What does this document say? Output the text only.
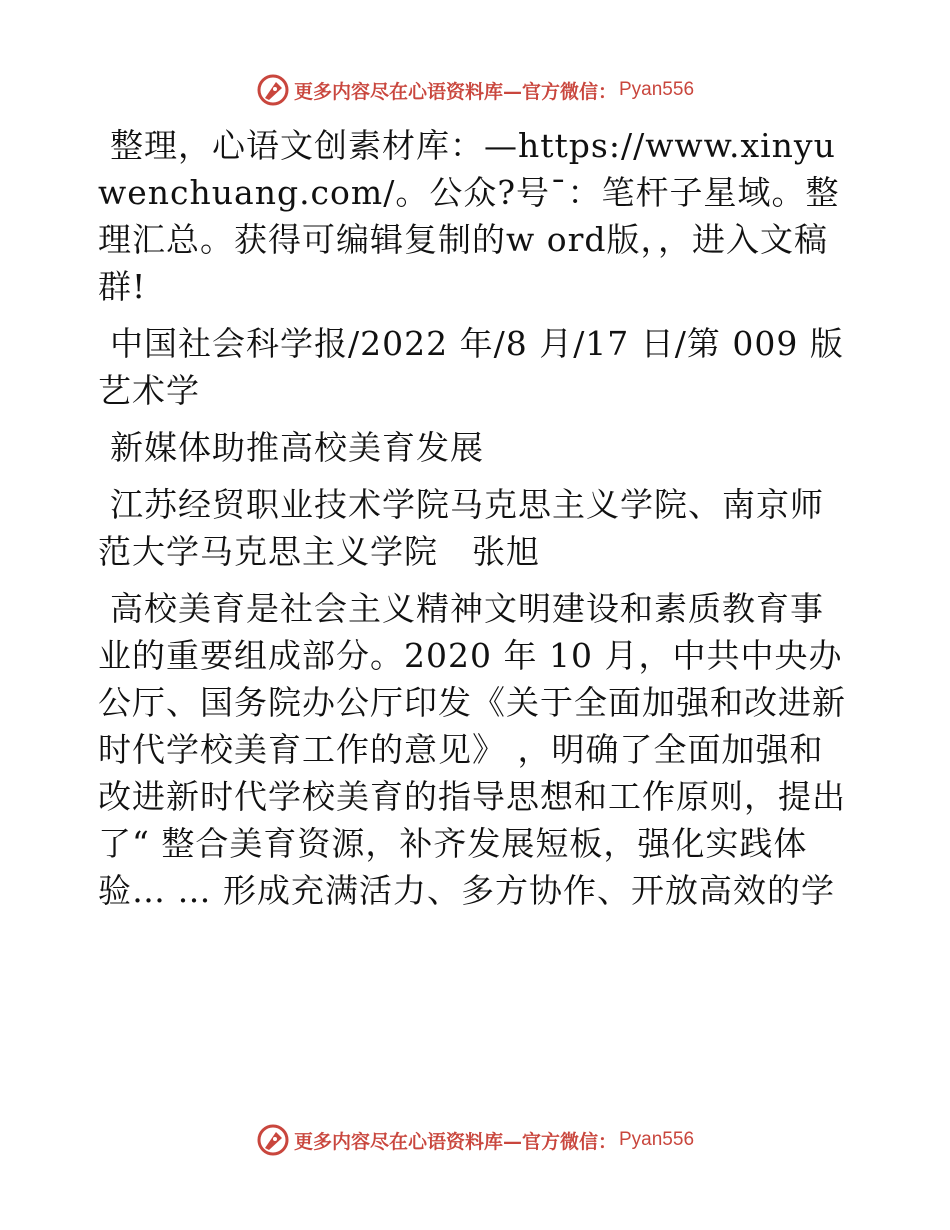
更多内容尽在心语资料库—官方微信： Pyan556

整理，心语文创素材库：—https://www.xinyuwenchuang.com/。公众?号¯：笔杆子星域。整理汇总。获得可编辑复制的w ord版，，进入文稿群!

中国社会科学报/2022 年/8 月/17 日/第 009 版艺术学

新媒体助推高校美育发展

江苏经贸职业技术学院马克思主义学院、南京师范大学马克思主义学院　张旭

高校美育是社会主义精神文明建设和素质教育事业的重要组成部分。2020 年 10 月，中共中央办公厅、国务院办公厅印发《关于全面加强和改进新时代学校美育工作的意见》 ，明确了全面加强和改进新时代学校美育的指导思想和工作原则，提出了“ 整合美育资源，补齐发展短板，强化实践体验… … 形成充满活力、多方协作、开放高效的学

更多内容尽在心语资料库—官方微信： Pyan556
